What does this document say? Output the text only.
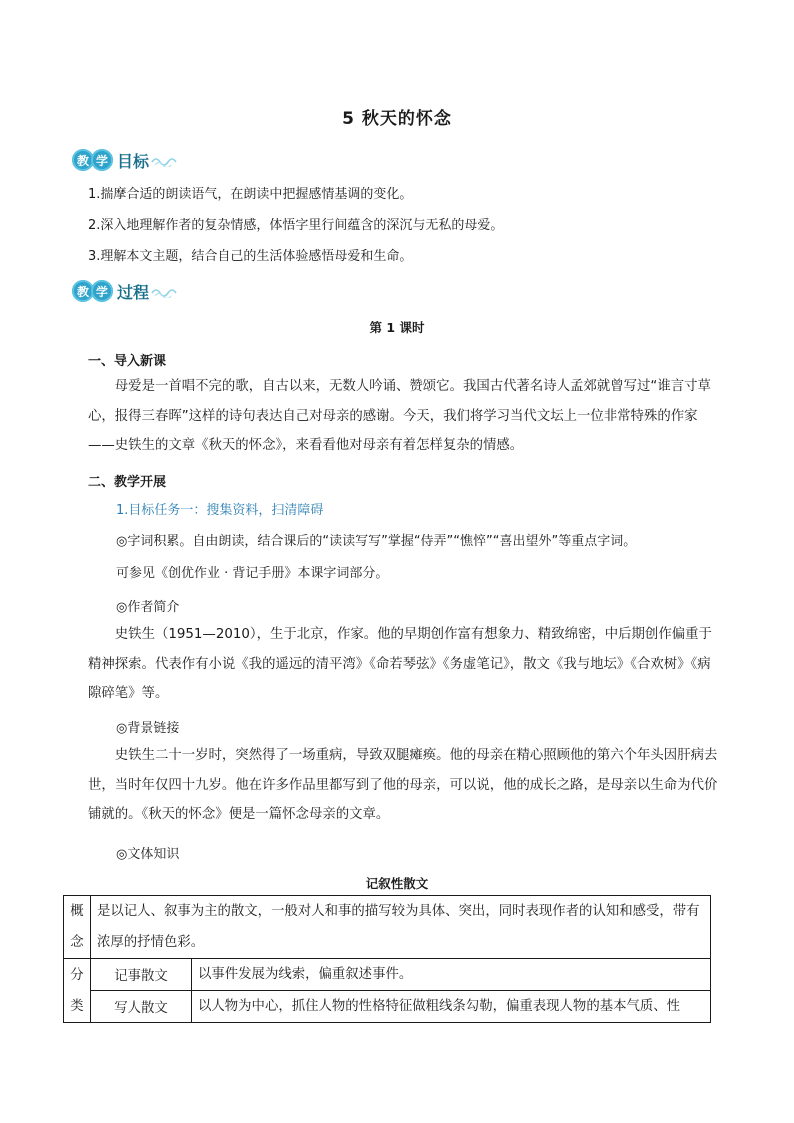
5 秋天的怀念
教 学 目标
1.揣摩合适的朗读语气，在朗读中把握感情基调的变化。
2.深入地理解作者的复杂情感，体悟字里行间蕴含的深沉与无私的母爱。
3.理解本文主题，结合自己的生活体验感悟母爱和生命。
教 学 过程
第 1 课时
一、导入新课
母爱是一首唱不完的歌，自古以来，无数人吟诵、赞颂它。我国古代著名诗人孟郊就曾写过“谁言寸草心，报得三春晖”这样的诗句表达自己对母亲的感谢。今天，我们将学习当代文坛上一位非常特殊的作家——史铁生的文章《秋天的怀念》，来看看他对母亲有着怎样复杂的情感。
二、教学开展
1.目标任务一：搜集资料，扫清障碍
◎字词积累。自由朗读，结合课后的“读读写写”掌握“侍弄”“憔悴”“喜出望外”等重点字词。
可参见《创优作业 · 背记手册》本课字词部分。
◎作者简介
史铁生（1951—2010），生于北京，作家。他的早期创作富有想象力、精致绵密，中后期创作偏重于精神探索。代表作有小说《我的遥远的清平湾》《命若琴弦》《务虚笔记》，散文《我与地坛》《合欢树》《病隙碎笔》等。
◎背景链接
史铁生二十一岁时，突然得了一场重病，导致双腿瘫痪。他的母亲在精心照顾他的第六个年头因肝病去世，当时年仅四十九岁。他在许多作品里都写到了他的母亲，可以说，他的成长之路，是母亲以生命为代价铺就的。《秋天的怀念》便是一篇怀念母亲的文章。
◎文体知识
记叙性散文
概念	是以记人、叙事为主的散文，一般对人和事的描写较为具体、突出，同时表现作者的认知和感受，带有浓厚的抒情色彩。	
分类	记事散文	以事件发展为线索，偏重叙述事件。
	写人散文	以人物为中心，抓住人物的性格特征做粗线条勾勒，偏重表现人物的基本气质、性
